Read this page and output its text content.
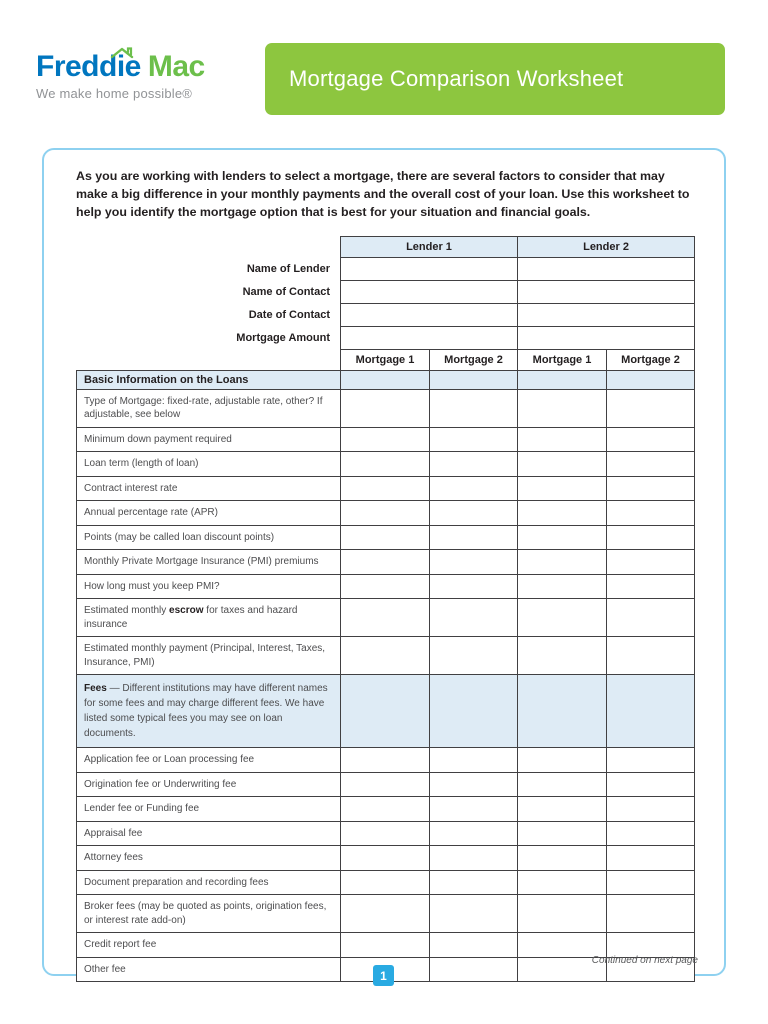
Freddie Mac
We make home possible®
Mortgage Comparison Worksheet

As you are working with lenders to select a mortgage, there are several factors to consider that may make a big difference in your monthly payments and the overall cost of your loan. Use this worksheet to help you identify the mortgage option that is best for your situation and financial goals.

	Lender 1		Lender 2	
Name of Lender				
Name of Contact				
Date of Contact				
Mortgage Amount				
	Mortgage 1	Mortgage 2	Mortgage 1	Mortgage 2
Basic Information on the Loans				
Type of Mortgage: fixed-rate, adjustable rate, other? If adjustable, see below				
Minimum down payment required				
Loan term (length of loan)				
Contract interest rate				
Annual percentage rate (APR)				
Points (may be called loan discount points)				
Monthly Private Mortgage Insurance (PMI) premiums				
How long must you keep PMI?				
Estimated monthly escrow for taxes and hazard insurance				
Estimated monthly payment (Principal, Interest, Taxes, Insurance, PMI)				
Fees — Different institutions may have different names for some fees and may charge different fees. We have listed some typical fees you may see on loan documents.				
Application fee or Loan processing fee				
Origination fee or Underwriting fee				
Lender fee or Funding fee				
Appraisal fee				
Attorney fees				
Document preparation and recording fees				
Broker fees (may be quoted as points, origination fees, or interest rate add-on)				
Credit report fee				
Other fee				
Continued on next page
1
